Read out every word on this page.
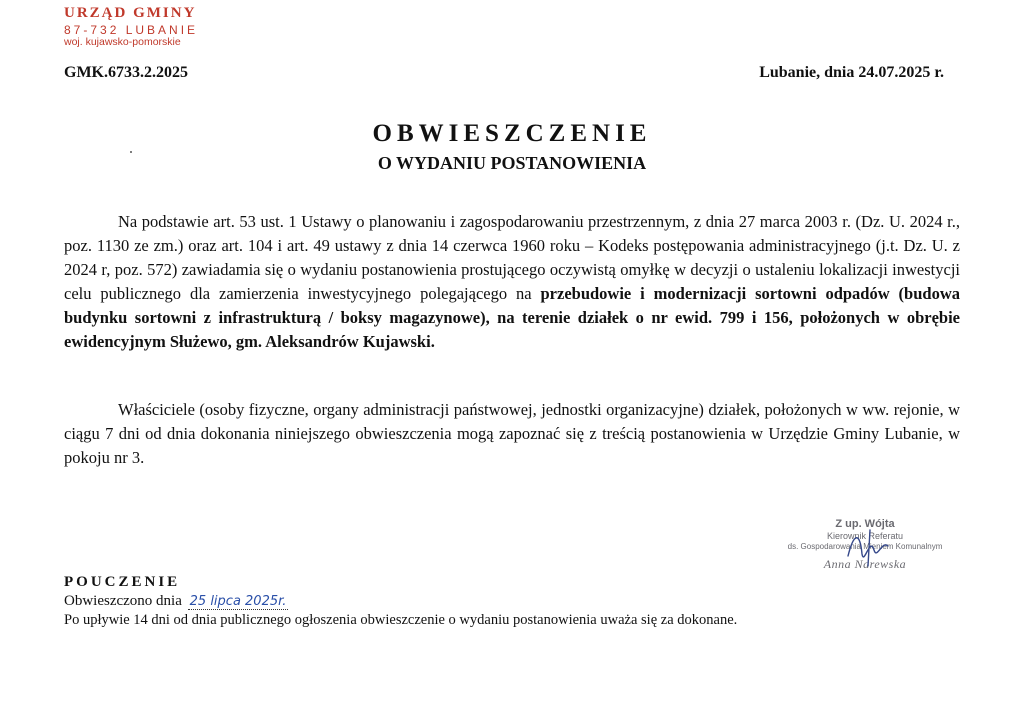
URZĄD GMINY
87-732 LUBANIE
woj. kujawsko-pomorskie
GMK.6733.2.2025	Lubanie, dnia 24.07.2025 r.
OBWIESZCZENIE
O WYDANIU POSTANOWIENIA

Na podstawie art. 53 ust. 1 Ustawy o planowaniu i zagospodarowaniu przestrzennym, z dnia 27 marca 2003 r. (Dz. U. 2024 r., poz. 1130 ze zm.) oraz art. 104 i art. 49 ustawy z dnia 14 czerwca 1960 roku – Kodeks postępowania administracyjnego (j.t. Dz. U. z 2024 r, poz. 572) zawiadamia się o wydaniu postanowienia prostującego oczywistą omyłkę w decyzji o ustaleniu lokalizacji inwestycji celu publicznego dla zamierzenia inwestycyjnego polegającego na przebudowie i modernizacji sortowni odpadów (budowa budynku sortowni z infrastrukturą / boksy magazynowe), na terenie działek o nr ewid. 799 i 156, położonych w obrębie ewidencyjnym Służewo, gm. Aleksandrów Kujawski.

Właściciele (osoby fizyczne, organy administracji państwowej, jednostki organizacyjne) działek, położonych w ww. rejonie, w ciągu 7 dni od dnia dokonania niniejszego obwieszczenia mogą zapoznać się z treścią postanowienia w Urzędzie Gminy Lubanie, w pokoju nr 3.

Z up. Wójta
Kierownik Referatu
ds. Gospodarowania Mieniem Komunalnym
Anna Narewska
POUCZENIE
Obwieszczono dnia 25 lipca 2025r.
Po upływie 14 dni od dnia publicznego ogłoszenia obwieszczenie o wydaniu postanowienia uważa się za dokonane.
